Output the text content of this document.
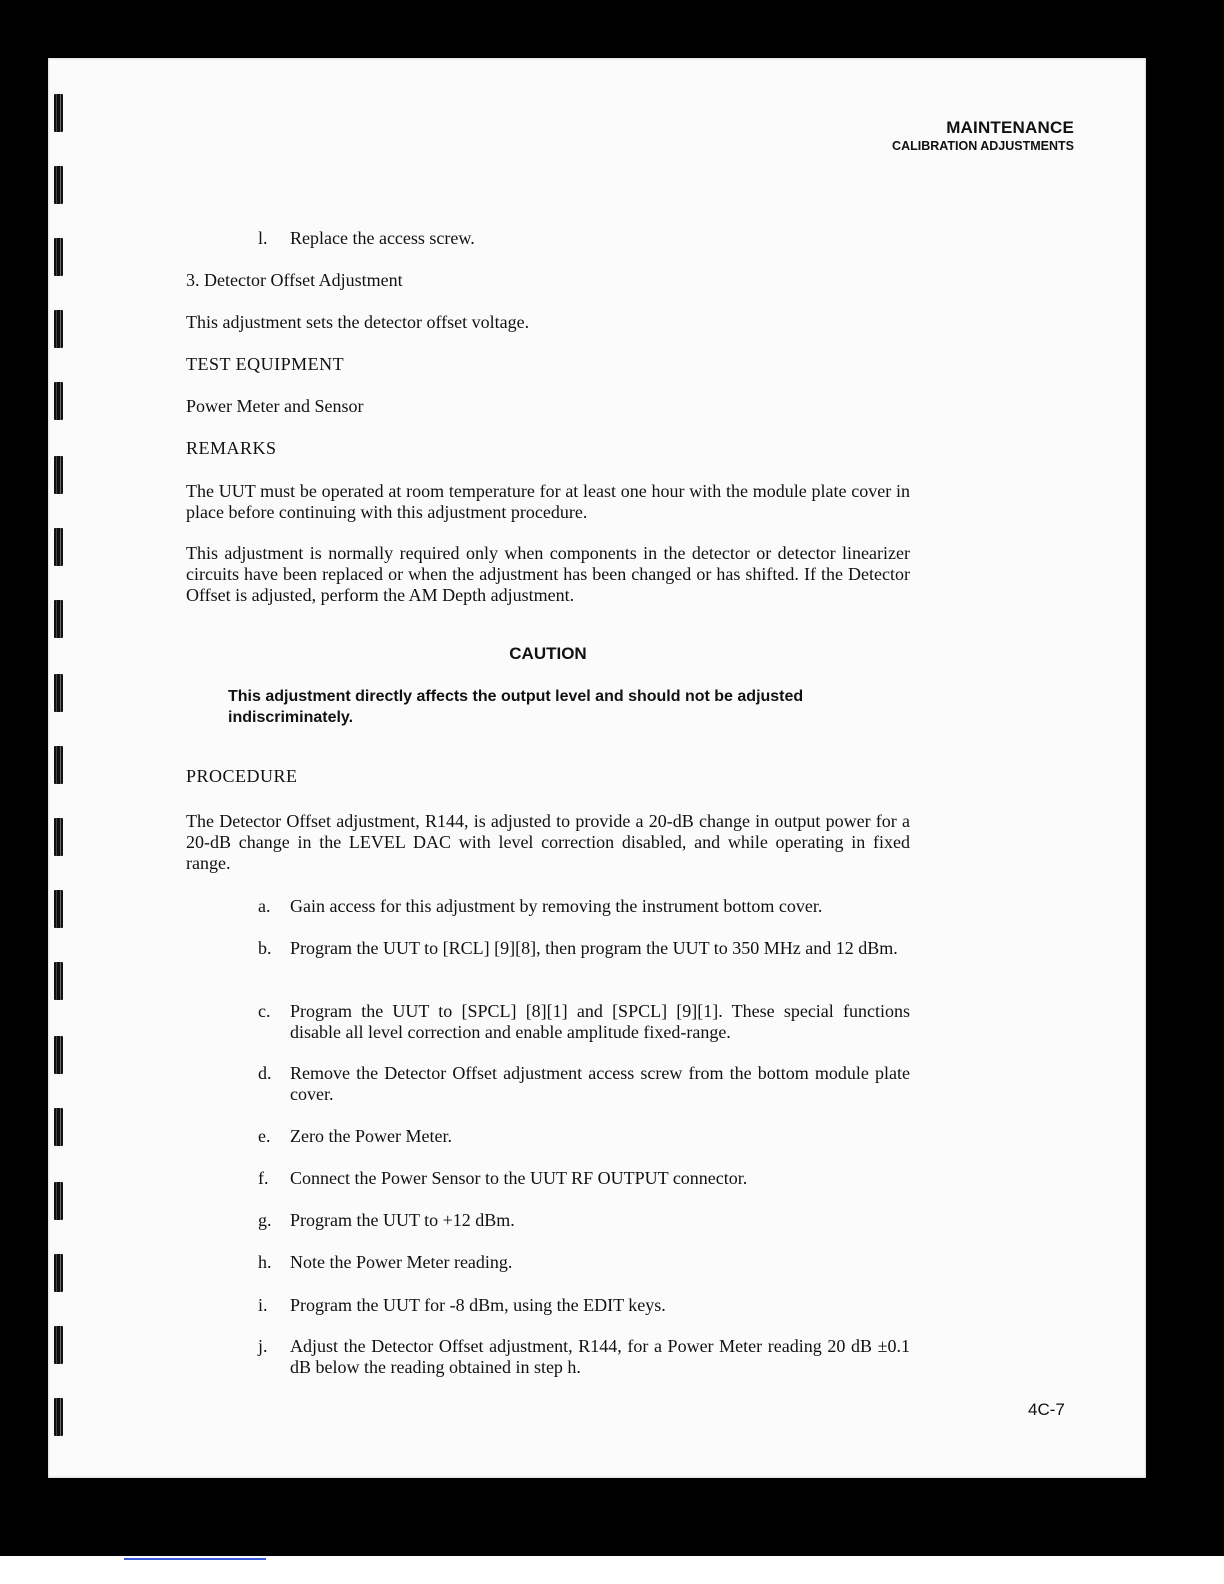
MAINTENANCE
CALIBRATION ADJUSTMENTS
l.	Replace the access screw.
3. Detector Offset Adjustment
This adjustment sets the detector offset voltage.
TEST EQUIPMENT
Power Meter and Sensor
REMARKS
The UUT must be operated at room temperature for at least one hour with the module plate cover in place before continuing with this adjustment procedure.
This adjustment is normally required only when components in the detector or detector linearizer circuits have been replaced or when the adjustment has been changed or has shifted. If the Detector Offset is adjusted, perform the AM Depth adjustment.
CAUTION
This adjustment directly affects the output level and should not be adjusted indiscriminately.
PROCEDURE
The Detector Offset adjustment, R144, is adjusted to provide a 20-dB change in output power for a 20-dB change in the LEVEL DAC with level correction disabled, and while operating in fixed range.
a.	Gain access for this adjustment by removing the instrument bottom cover.
b.	Program the UUT to [RCL] [9][8], then program the UUT to 350 MHz and 12 dBm.
c.	Program the UUT to [SPCL] [8][1] and [SPCL] [9][1]. These special functions disable all level correction and enable amplitude fixed-range.
d.	Remove the Detector Offset adjustment access screw from the bottom module plate cover.
e.	Zero the Power Meter.
f.	Connect the Power Sensor to the UUT RF OUTPUT connector.
g.	Program the UUT to +12 dBm.
h.	Note the Power Meter reading.
i.	Program the UUT for -8 dBm, using the EDIT keys.
j.	Adjust the Detector Offset adjustment, R144, for a Power Meter reading 20 dB ±0.1 dB below the reading obtained in step h.
4C-7
